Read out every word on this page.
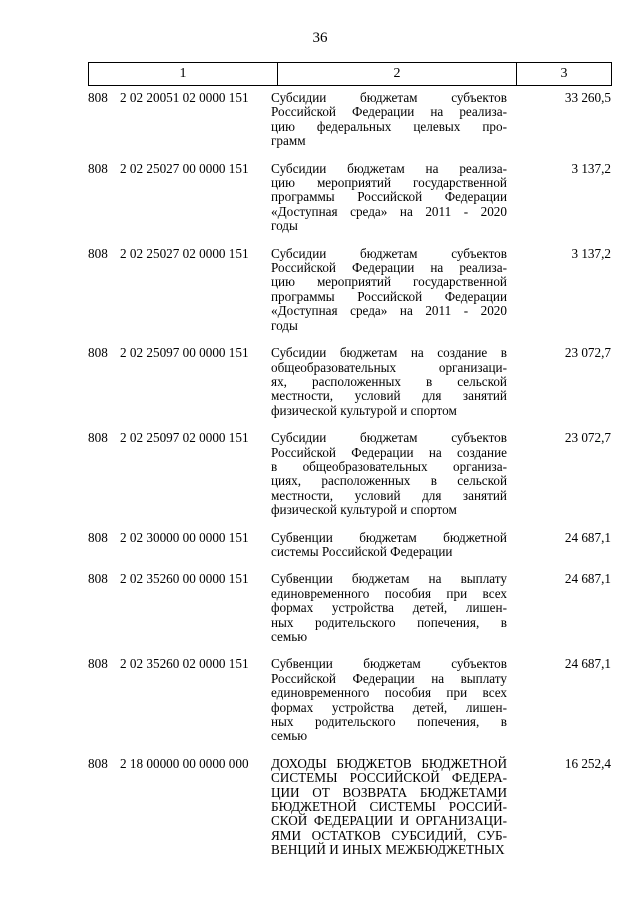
36
1	2	3
808 2 02 20051 02 0000 151	Субсидии бюджетам субъектов
Российской Федерации на реализа-
цию федеральных целевых про-
грамм
33 260,5
808 2 02 25027 00 0000 151	Субсидии бюджетам на реализа-
цию мероприятий государственной
программы Российской Федерации
«Доступная среда» на 2011 - 2020
годы
3 137,2
808 2 02 25027 02 0000 151	Субсидии бюджетам субъектов
Российской Федерации на реализа-
цию мероприятий государственной
программы Российской Федерации
«Доступная среда» на 2011 - 2020
годы
3 137,2
808 2 02 25097 00 0000 151	Субсидии бюджетам на создание в
общеобразовательных организаци-
ях, расположенных в сельской
местности, условий для занятий
физической культурой и спортом
23 072,7
808 2 02 25097 02 0000 151	Субсидии бюджетам субъектов
Российской Федерации на создание
в общеобразовательных организа-
циях, расположенных в сельской
местности, условий для занятий
физической культурой и спортом
23 072,7
808 2 02 30000 00 0000 151	Субвенции бюджетам бюджетной
системы Российской Федерации
24 687,1
808 2 02 35260 00 0000 151	Субвенции бюджетам на выплату
единовременного пособия при всех
формах устройства детей, лишен-
ных родительского попечения, в
семью
24 687,1
808 2 02 35260 02 0000 151	Субвенции бюджетам субъектов
Российской Федерации на выплату
единовременного пособия при всех
формах устройства детей, лишен-
ных родительского попечения, в
семью
24 687,1
808 2 18 00000 00 0000 000	ДОХОДЫ БЮДЖЕТОВ БЮДЖЕТНОЙ
СИСТЕМЫ РОССИЙСКОЙ ФЕДЕРА-
ЦИИ ОТ ВОЗВРАТА БЮДЖЕТАМИ
БЮДЖЕТНОЙ СИСТЕМЫ РОССИЙ-
СКОЙ ФЕДЕРАЦИИ И ОРГАНИЗАЦИ-
ЯМИ ОСТАТКОВ СУБСИДИЙ, СУБ-
ВЕНЦИЙ И ИНЫХ МЕЖБЮДЖЕТНЫХ
16 252,4
